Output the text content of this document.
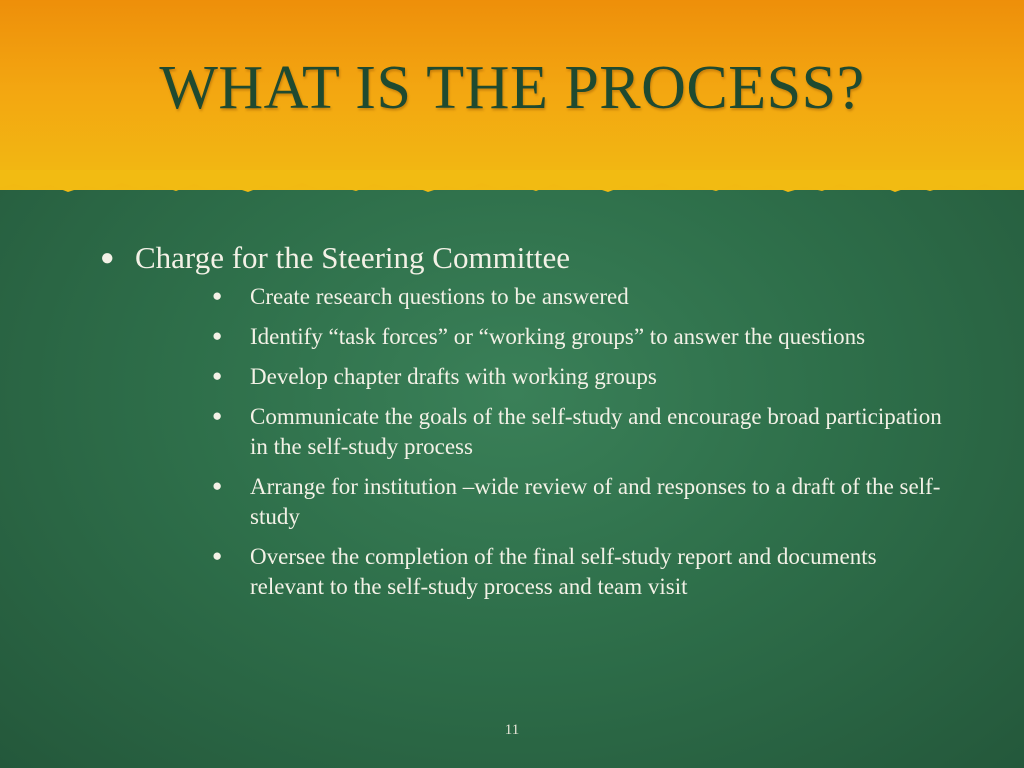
WHAT IS THE PROCESS?
● Charge for the Steering Committee
● Create research questions to be answered
● Identify “task forces” or “working groups” to answer the questions
● Develop chapter drafts with working groups
● Communicate the goals of the self-study and encourage broad participation in the self-study process
● Arrange for institution –wide review of and responses to a draft of the self-study
● Oversee the completion of the final self-study report and documents relevant to the self-study process and team visit
11
